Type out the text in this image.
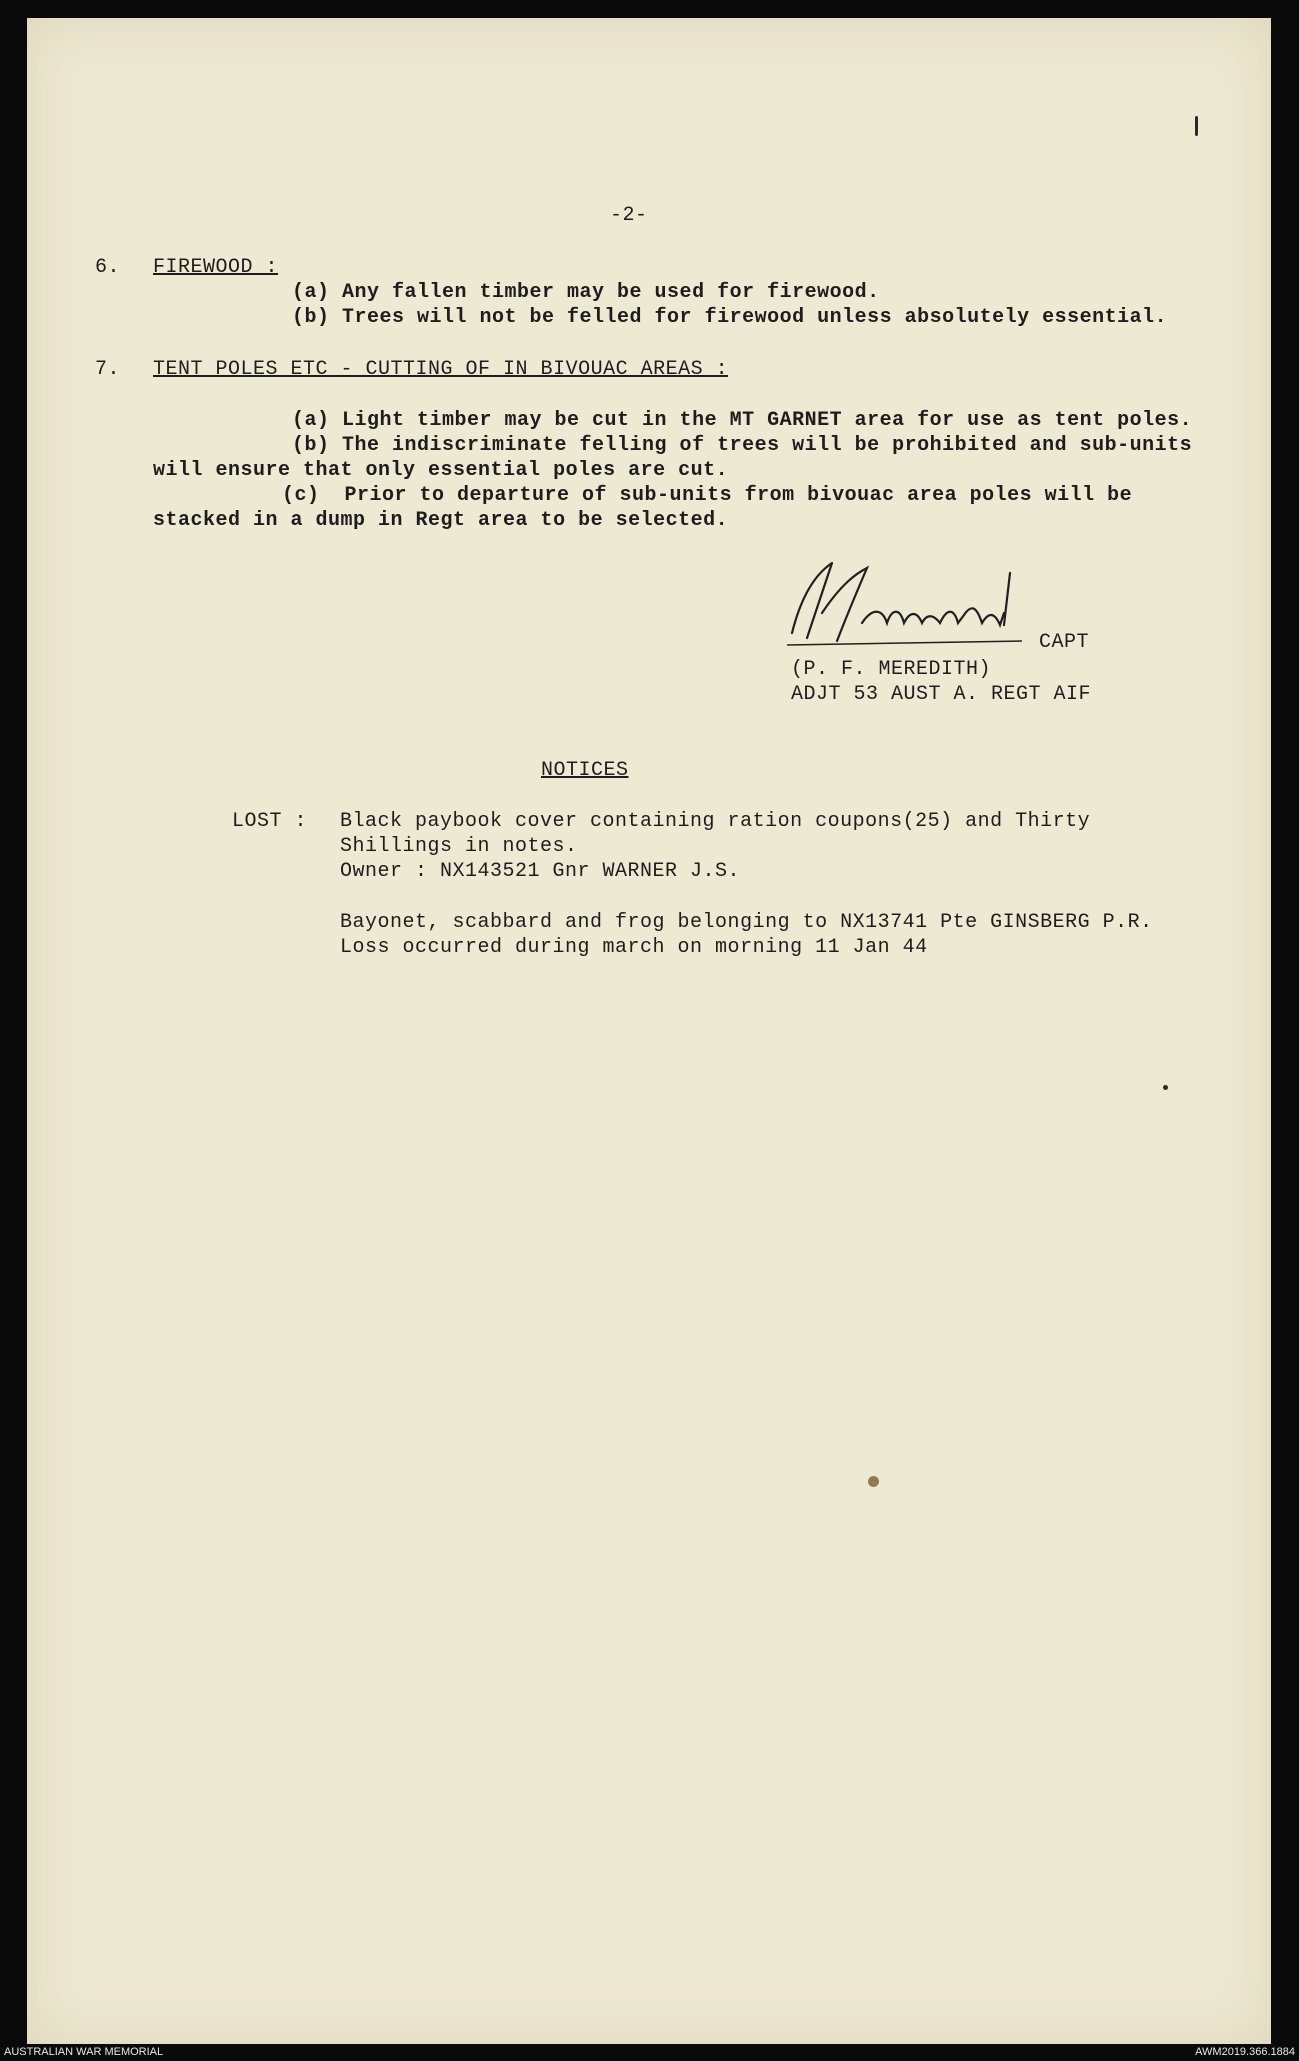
-2-
6. FIREWOOD :
(a) Any fallen timber may be used for firewood.
(b) Trees will not be felled for firewood unless absolutely essential.
7. TENT POLES ETC - CUTTING OF IN BIVOUAC AREAS :
(a) Light timber may be cut in the MT GARNET area for use as tent poles.
(b) The indiscriminate felling of trees will be prohibited and sub-units
will ensure that only essential poles are cut.
(c)  Prior to departure of sub-units from bivouac area poles will be
stacked in a dump in Regt area to be selected.
CAPT
(P. F. MEREDITH)
ADJT 53 AUST A. REGT AIF
NOTICES
LOST : Black paybook cover containing ration coupons(25) and Thirty
Shillings in notes.
Owner : NX143521 Gnr WARNER J.S.
Bayonet, scabbard and frog belonging to NX13741 Pte GINSBERG P.R.
Loss occurred during march on morning 11 Jan 44
AUSTRALIAN WAR MEMORIAL	AWM2019.366.1884
